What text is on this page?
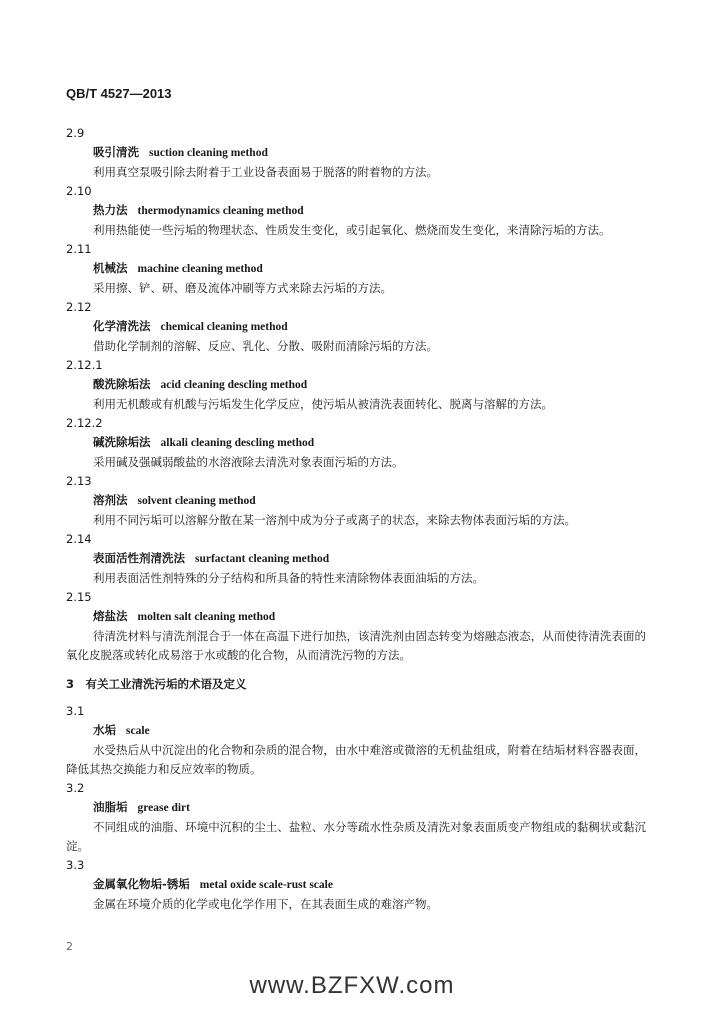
QB/T 4527—2013
2.9
吸引清洗 suction cleaning method
利用真空泵吸引除去附着于工业设备表面易于脱落的附着物的方法。
2.10
热力法 thermodynamics cleaning method
利用热能使一些污垢的物理状态、性质发生变化，或引起氧化、燃烧而发生变化，来清除污垢的方法。
2.11
机械法 machine cleaning method
采用擦、铲、研、磨及流体冲刷等方式来除去污垢的方法。
2.12
化学清洗法 chemical cleaning method
借助化学制剂的溶解、反应、乳化、分散、吸附而清除污垢的方法。
2.12.1
酸洗除垢法 acid cleaning descling method
利用无机酸或有机酸与污垢发生化学反应，使污垢从被清洗表面转化、脱离与溶解的方法。
2.12.2
碱洗除垢法 alkali cleaning descling method
采用碱及强碱弱酸盐的水溶液除去清洗对象表面污垢的方法。
2.13
溶剂法 solvent cleaning method
利用不同污垢可以溶解分散在某一溶剂中成为分子或离子的状态，来除去物体表面污垢的方法。
2.14
表面活性剂清洗法 surfactant cleaning method
利用表面活性剂特殊的分子结构和所具备的特性来清除物体表面油垢的方法。
2.15
熔盐法 molten salt cleaning method
待清洗材料与清洗剂混合于一体在高温下进行加热，该清洗剂由固态转变为熔融态液态，从而使待清洗表面的氧化皮脱落或转化成易溶于水或酸的化合物，从而清洗污物的方法。
3　有关工业清洗污垢的术语及定义
3.1
水垢 scale
水受热后从中沉淀出的化合物和杂质的混合物，由水中难溶或微溶的无机盐组成，附着在结垢材料容器表面，降低其热交换能力和反应效率的物质。
3.2
油脂垢 grease dirt
不同组成的油脂、环境中沉积的尘土、盐粒、水分等疏水性杂质及清洗对象表面质变产物组成的黏稠状或黏沉淀。
3.3
金属氧化物垢-锈垢 metal oxide scale-rust scale
金属在环境介质的化学或电化学作用下，在其表面生成的难溶产物。
2
www.BZFXW.com
